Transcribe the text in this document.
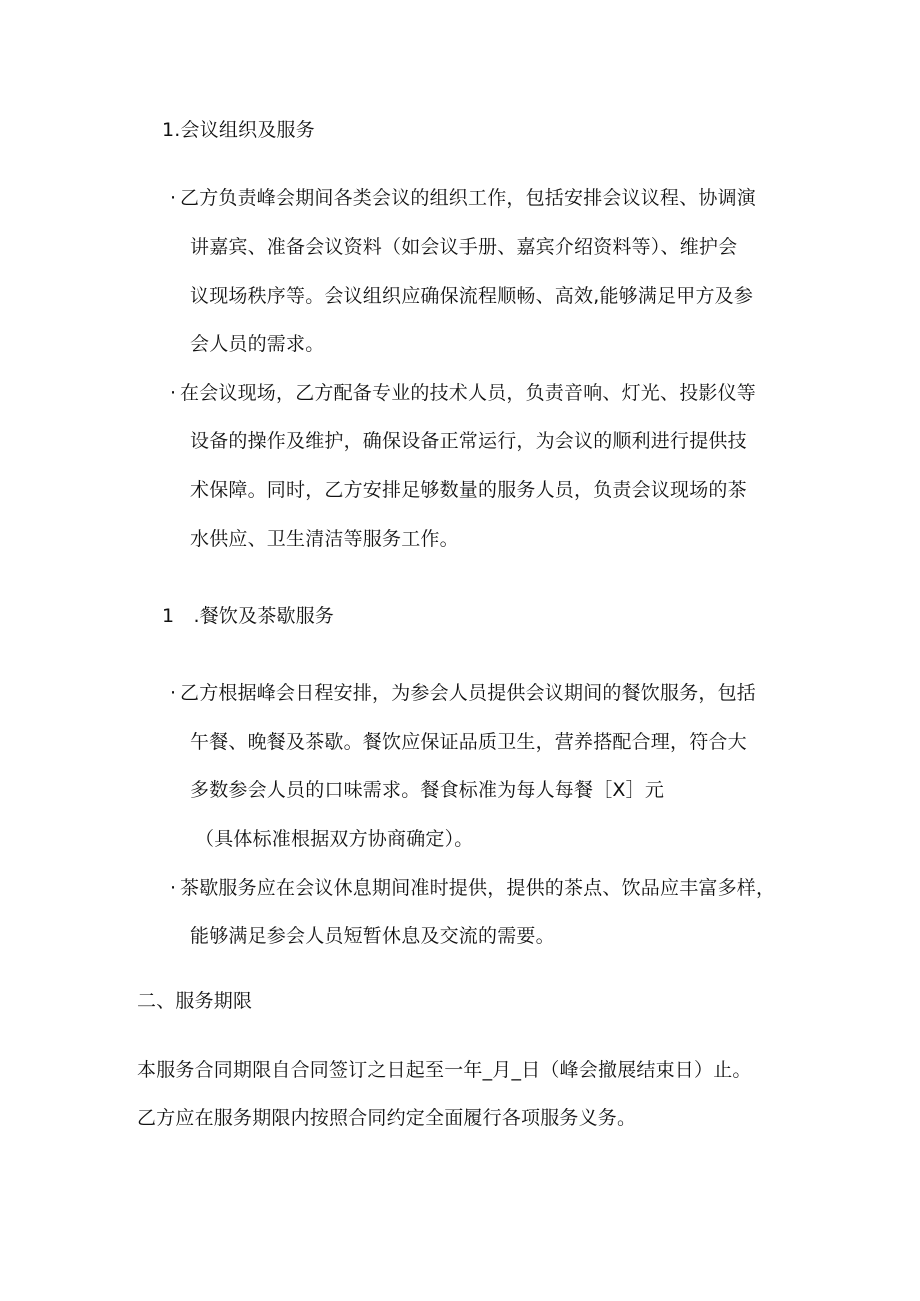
1.会议组织及服务
· 乙方负责峰会期间各类会议的组织工作，包括安排会议议程、协调演
讲嘉宾、准备会议资料（如会议手册、嘉宾介绍资料等）、维护会
议现场秩序等。会议组织应确保流程顺畅、高效,能够满足甲方及参
会人员的需求。
· 在会议现场，乙方配备专业的技术人员，负责音响、灯光、投影仪等
设备的操作及维护，确保设备正常运行，为会议的顺利进行提供技
术保障。同时，乙方安排足够数量的服务人员，负责会议现场的茶
水供应、卫生清洁等服务工作。
1　.餐饮及茶歇服务
· 乙方根据峰会日程安排，为参会人员提供会议期间的餐饮服务，包括
午餐、晚餐及茶歇。餐饮应保证品质卫生，营养搭配合理，符合大
多数参会人员的口味需求。餐食标准为每人每餐［X］元
（具体标准根据双方协商确定）。
· 茶歇服务应在会议休息期间准时提供，提供的茶点、饮品应丰富多样，
能够满足参会人员短暂休息及交流的需要。
二、服务期限
本服务合同期限自合同签订之日起至一年_月_日（峰会撤展结束日）止。
乙方应在服务期限内按照合同约定全面履行各项服务义务。
